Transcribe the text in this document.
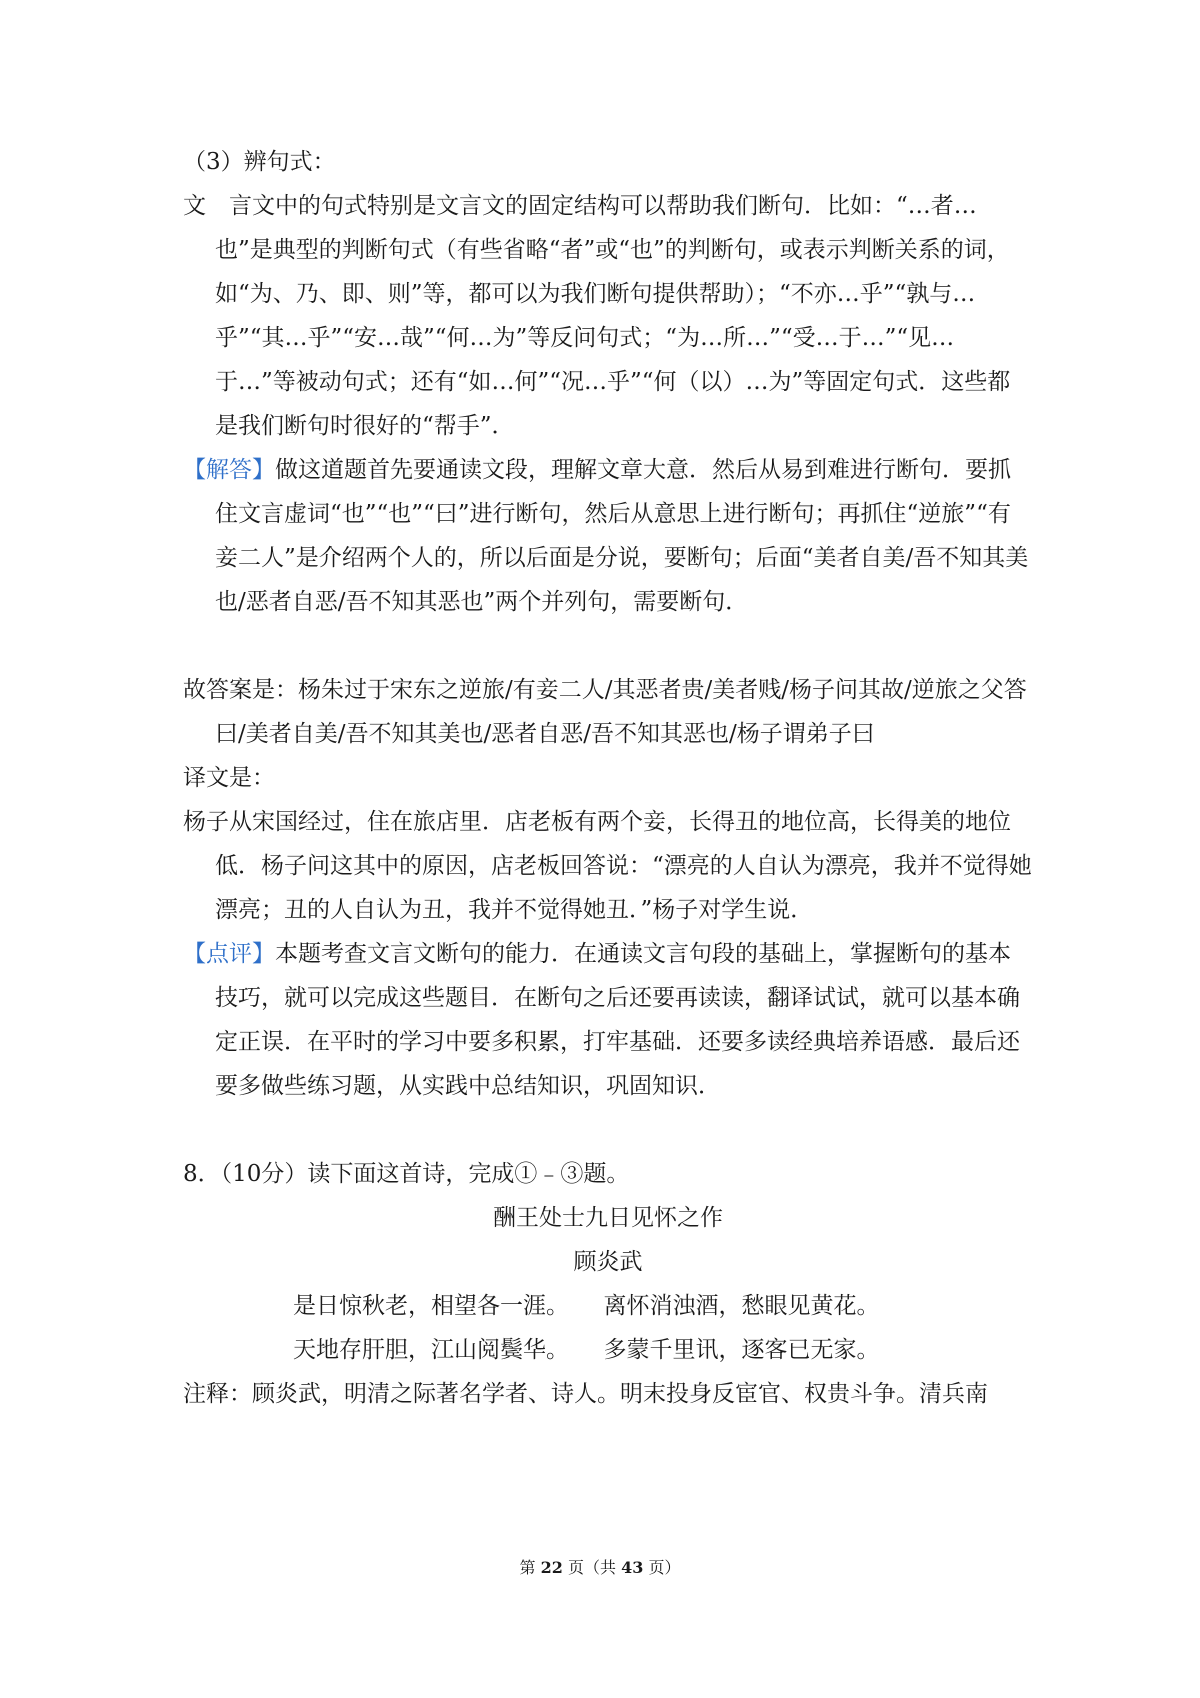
（3）辨句式：

文　言文中的句式特别是文言文的固定结构可以帮助我们断句．比如：“…者…也”是典型的判断句式（有些省略“者”或“也”的判断句，或表示判断关系的词，如“为、乃、即、则”等，都可以为我们断句提供帮助）；“不亦…乎”“孰与…乎”“其…乎”“安…哉”“何…为”等反问句式；“为…所…”“受…于…”“见…于…”等被动句式；还有“如…何”“况…乎”“何（以）…为”等固定句式．这些都是我们断句时很好的“帮手”．

【解答】做这道题首先要通读文段，理解文章大意．然后从易到难进行断句．要抓住文言虚词“也”“也”“曰”进行断句，然后从意思上进行断句；再抓住“逆旅”“有妾二人”是介绍两个人的，所以后面是分说，要断句；后面“美者自美/吾不知其美也/恶者自恶/吾不知其恶也”两个并列句，需要断句．

故答案是：杨朱过于宋东之逆旅/有妾二人/其恶者贵/美者贱/杨子问其故/逆旅之父答曰/美者自美/吾不知其美也/恶者自恶/吾不知其恶也/杨子谓弟子曰

译文是：

杨子从宋国经过，住在旅店里．店老板有两个妾，长得丑的地位高，长得美的地位低．杨子问这其中的原因，店老板回答说：“漂亮的人自认为漂亮，我并不觉得她漂亮；丑的人自认为丑，我并不觉得她丑．”杨子对学生说．

【点评】本题考查文言文断句的能力．在通读文言句段的基础上，掌握断句的基本技巧，就可以完成这些题目．在断句之后还要再读读，翻译试试，就可以基本确定正误．在平时的学习中要多积累，打牢基础．还要多读经典培养语感．最后还要多做些练习题，从实践中总结知识，巩固知识．

8．（10分）读下面这首诗，完成①﹣③题。

酬王处士九日见怀之作

顾炎武

是日惊秋老，相望各一涯。　　离怀消浊酒，愁眼见黄花。

天地存肝胆，江山阅鬓华。　　多蒙千里讯，逐客已无家。

注释：顾炎武，明清之际著名学者、诗人。明末投身反宦官、权贵斗争。清兵南

第 22 页（共 43 页）
